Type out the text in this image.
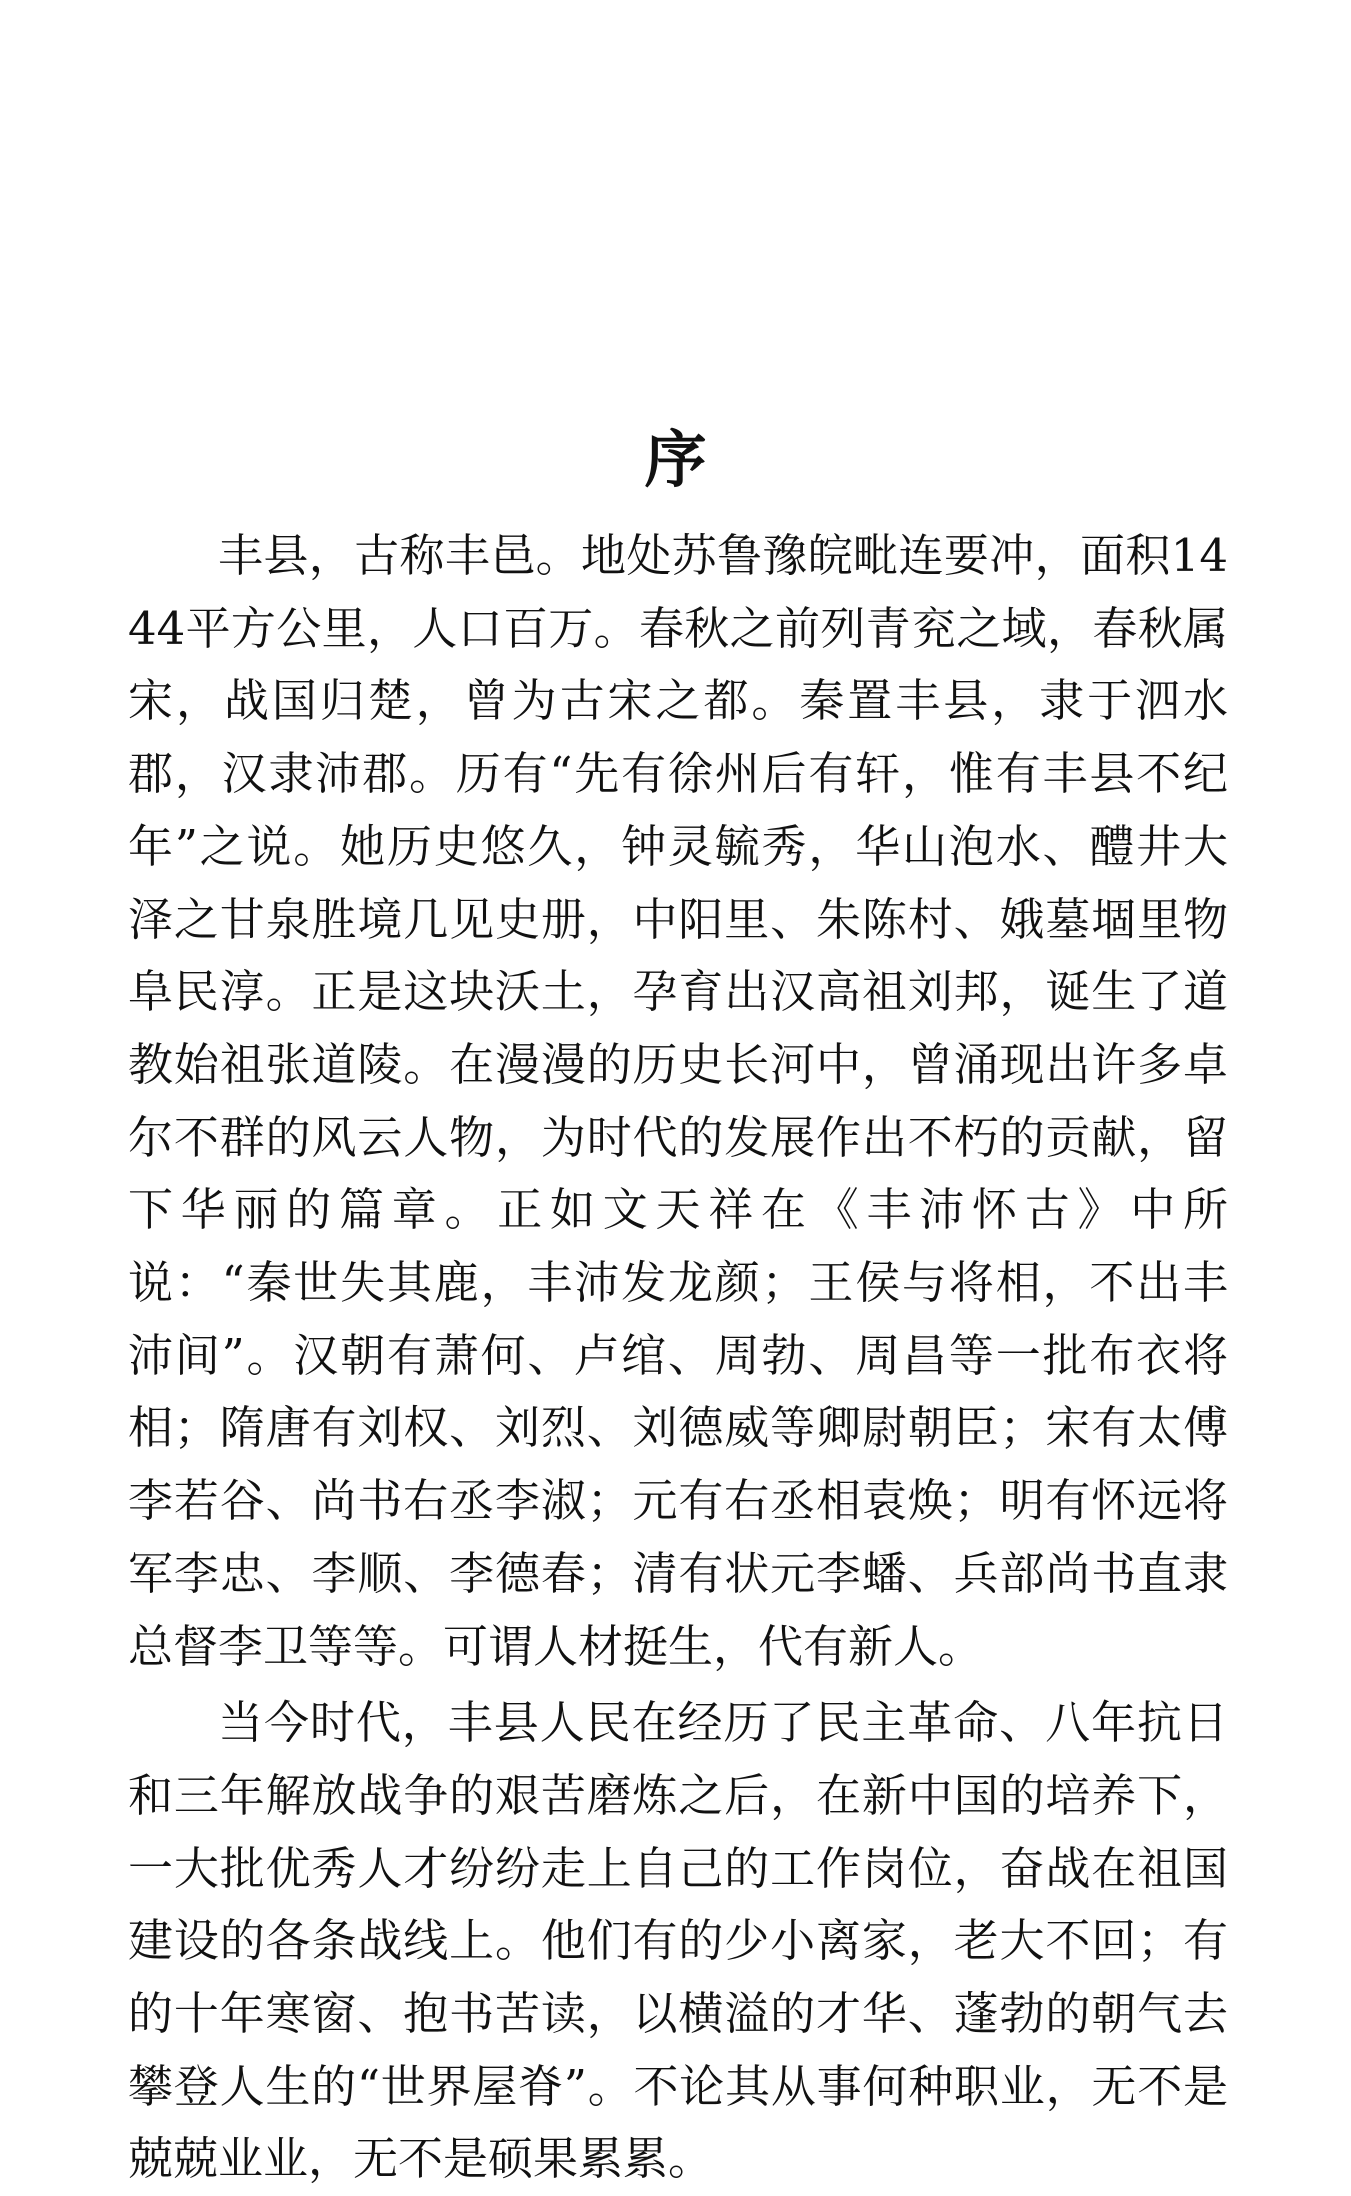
序

丰县，古称丰邑。地处苏鲁豫皖毗连要冲，面积1444平方公里，人口百万。春秋之前列青兖之域，春秋属宋，战国归楚，曾为古宋之都。秦置丰县，隶于泗水郡，汉隶沛郡。历有“先有徐州后有轩，惟有丰县不纪年”之说。她历史悠久，钟灵毓秀，华山泡水、醴井大泽之甘泉胜境几见史册，中阳里、朱陈村、娥墓堌里物阜民淳。正是这块沃土，孕育出汉高祖刘邦，诞生了道教始祖张道陵。在漫漫的历史长河中，曾涌现出许多卓尔不群的风云人物，为时代的发展作出不朽的贡献，留下华丽的篇章。正如文天祥在《丰沛怀古》中所说：“秦世失其鹿，丰沛发龙颜；王侯与将相，不出丰沛间”。汉朝有萧何、卢绾、周勃、周昌等一批布衣将相；隋唐有刘权、刘烈、刘德威等卿尉朝臣；宋有太傅李若谷、尚书右丞李淑；元有右丞相袁焕；明有怀远将军李忠、李顺、李德春；清有状元李蟠、兵部尚书直隶总督李卫等等。可谓人材挺生，代有新人。

当今时代，丰县人民在经历了民主革命、八年抗日和三年解放战争的艰苦磨炼之后，在新中国的培养下，一大批优秀人才纷纷走上自己的工作岗位，奋战在祖国建设的各条战线上。他们有的少小离家，老大不回；有的十年寒窗、抱书苦读，以横溢的才华、蓬勃的朝气去攀登人生的“世界屋脊”。不论其从事何种职业，无不是兢兢业业，无不是硕果累累。
